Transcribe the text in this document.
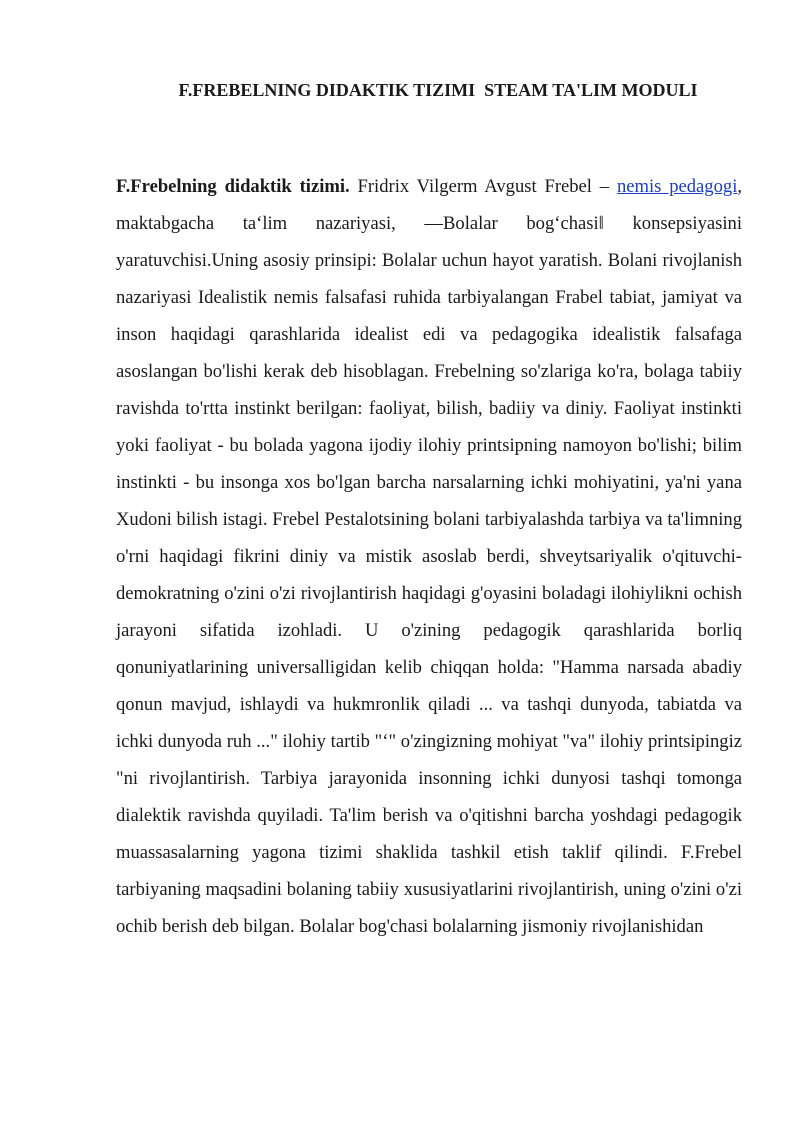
F.FREBELNING DIDAKTIK TIZIMI  STEAM TA'LIM MODULI

F.Frebelning didaktik tizimi. Fridrix Vilgerm Avgust Frebel – nemis pedagogi, maktabgacha ta‘lim nazariyasi, ―Bolalar bog‘chasi‖ konsepsiyasini yaratuvchisi.Uning asosiy prinsipi: Bolalar uchun hayot yaratish. Bolani rivojlanish nazariyasi Idealistik nemis falsafasi ruhida tarbiyalangan Frabel tabiat, jamiyat va inson haqidagi qarashlarida idealist edi va pedagogika idealistik falsafaga asoslangan bo'lishi kerak deb hisoblagan. Frebelning so'zlariga ko'ra, bolaga tabiiy ravishda to'rtta instinkt berilgan: faoliyat, bilish, badiiy va diniy. Faoliyat instinkti yoki faoliyat - bu bolada yagona ijodiy ilohiy printsipning namoyon bo'lishi; bilim instinkti - bu insonga xos bo'lgan barcha narsalarning ichki mohiyatini, ya'ni yana Xudoni bilish istagi. Frebel Pestalotsining bolani tarbiyalashda tarbiya va ta'limning o'rni haqidagi fikrini diniy va mistik asoslab berdi, shveytsariyalik o'qituvchi-demokratning o'zini o'zi rivojlantirish haqidagi g'oyasini boladagi ilohiylikni ochish jarayoni sifatida izohladi. U o'zining pedagogik qarashlarida borliq qonuniyatlarining universalligidan kelib chiqqan holda: "Hamma narsada abadiy qonun mavjud, ishlaydi va hukmronlik qiladi ... va tashqi dunyoda, tabiatda va ichki dunyoda ruh ..." ilohiy tartib "‘" o'zingizning mohiyat "va" ilohiy printsipingiz "ni rivojlantirish. Tarbiya jarayonida insonning ichki dunyosi tashqi tomonga dialektik ravishda quyiladi. Ta'lim berish va o'qitishni barcha yoshdagi pedagogik muassasalarning yagona tizimi shaklida tashkil etish taklif qilindi. F.Frebel tarbiyaning maqsadini bolaning tabiiy xususiyatlarini rivojlantirish, uning o'zini o'zi ochib berish deb bilgan. Bolalar bog'chasi bolalarning jismoniy rivojlanishidan
